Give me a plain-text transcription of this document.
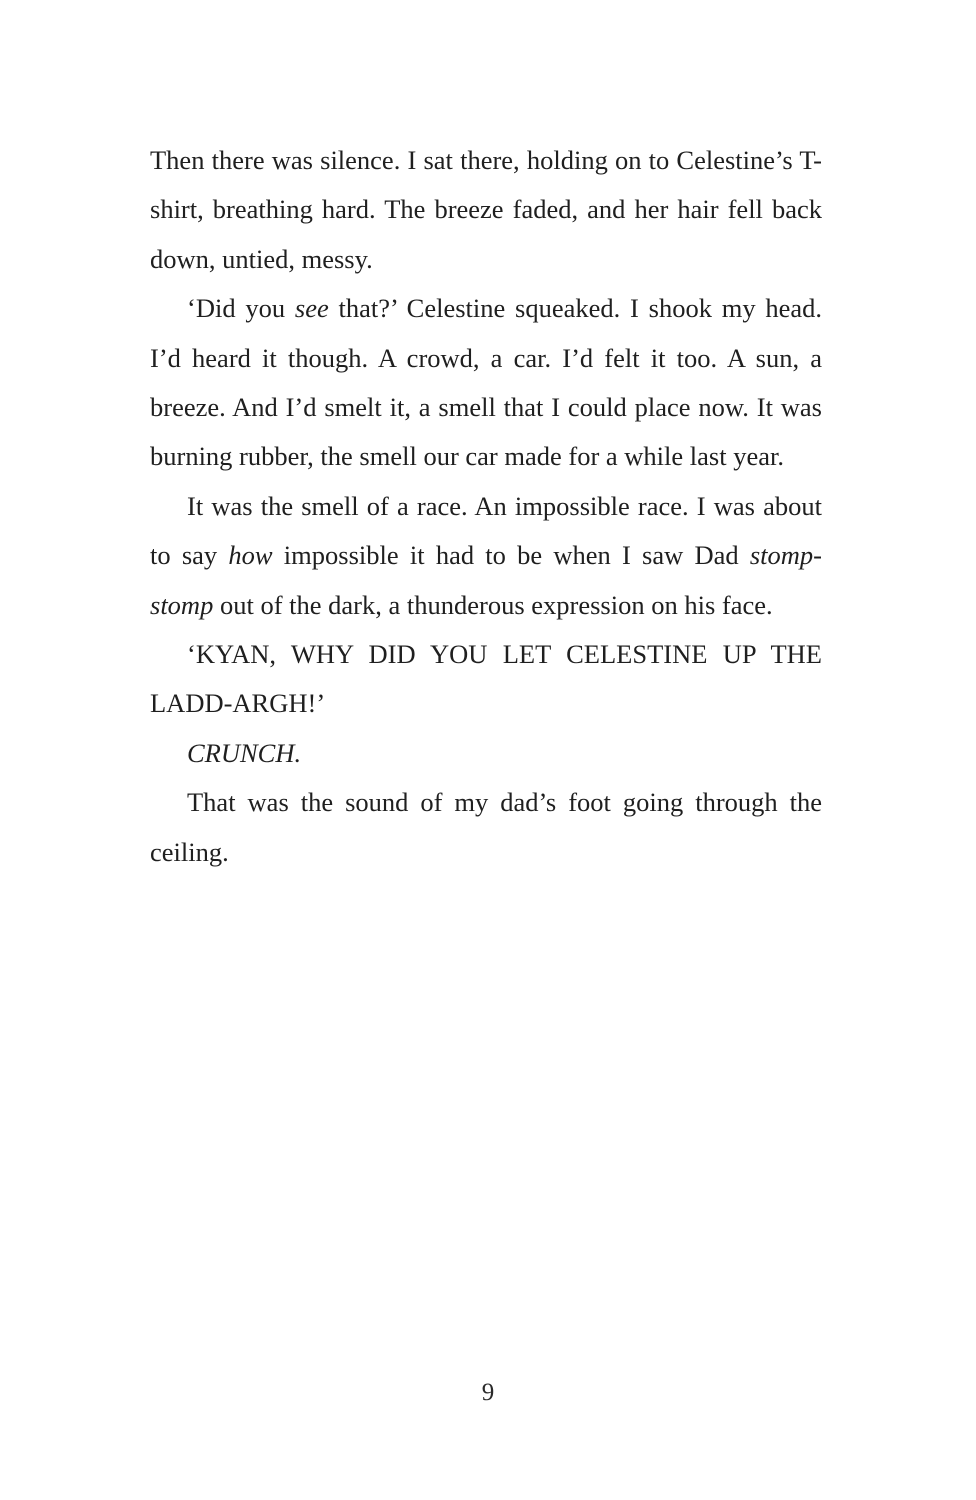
Then there was silence. I sat there, holding on to Celestine’s T-shirt, breathing hard. The breeze faded, and her hair fell back down, untied, messy.

‘Did you see that?’ Celestine squeaked. I shook my head. I’d heard it though. A crowd, a car. I’d felt it too. A sun, a breeze. And I’d smelt it, a smell that I could place now. It was burning rubber, the smell our car made for a while last year.

It was the smell of a race. An impossible race. I was about to say how impossible it had to be when I saw Dad stomp-stomp out of the dark, a thunderous expression on his face.

‘KYAN, WHY DID YOU LET CELESTINE UP THE LADD-ARGH!’

CRUNCH.

That was the sound of my dad’s foot going through the ceiling.

9
